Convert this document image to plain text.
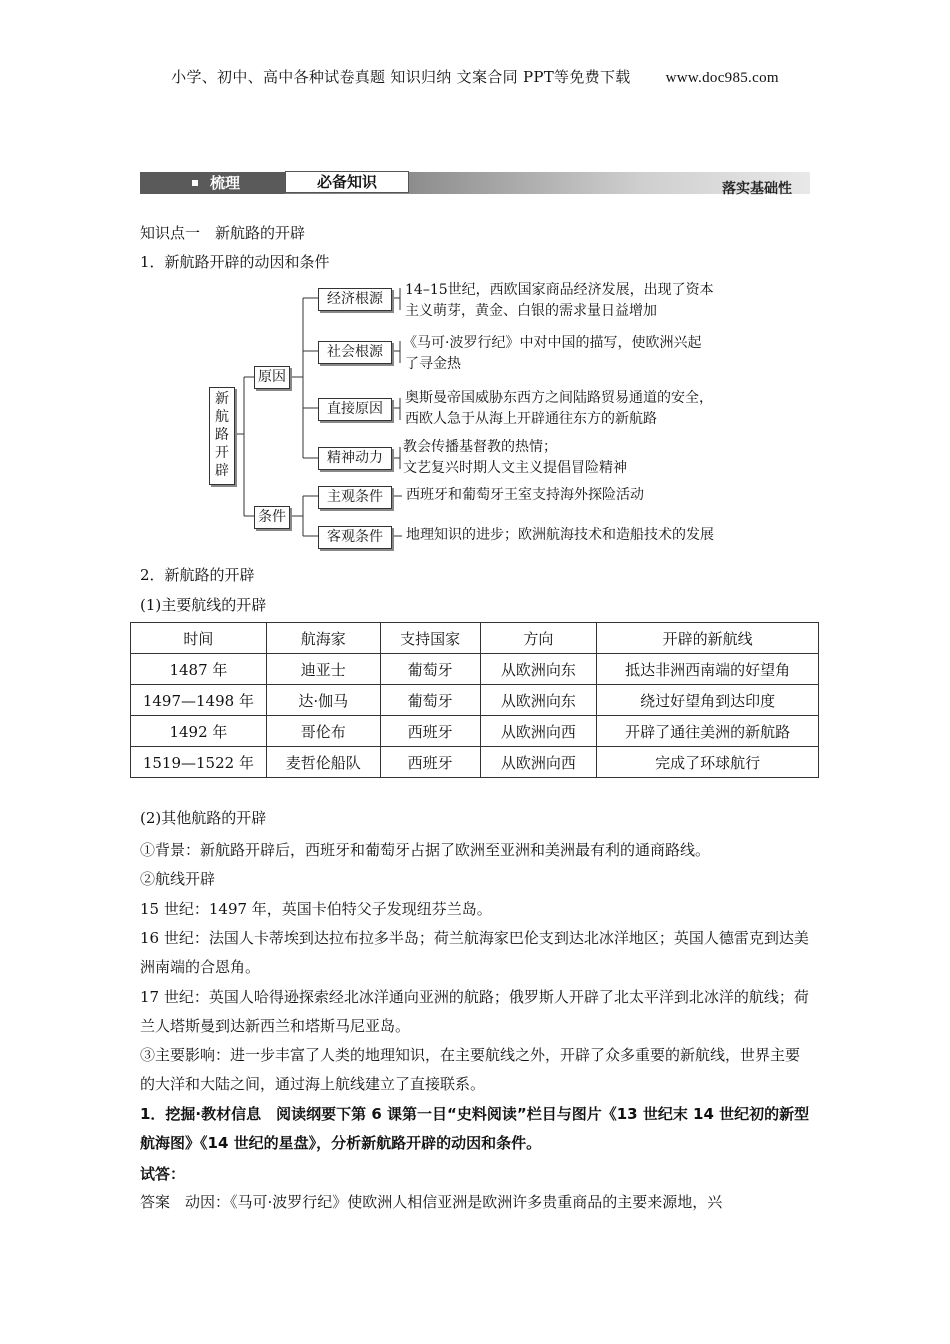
小学、初中、高中各种试卷真题 知识归纳 文案合同 PPT等免费下载 www.doc985.com
梳理	必备知识	落实基础性
知识点一　新航路的开辟
1．新航路开辟的动因和条件
新
航
路
开
辟
原因
条件
经济根源
社会根源
直接原因
精神动力
主观条件
客观条件
14–15世纪，西欧国家商品经济发展，出现了资本
主义萌芽，黄金、白银的需求量日益增加
《马可·波罗行纪》中对中国的描写，使欧洲兴起
了寻金热
奥斯曼帝国威胁东西方之间陆路贸易通道的安全，
西欧人急于从海上开辟通往东方的新航路
教会传播基督教的热情；
文艺复兴时期人文主义提倡冒险精神
西班牙和葡萄牙王室支持海外探险活动
地理知识的进步；欧洲航海技术和造船技术的发展
2．新航路的开辟
(1)主要航线的开辟
时间	航海家	支持国家	方向	开辟的新航线
1487 年	迪亚士	葡萄牙	从欧洲向东	抵达非洲西南端的好望角
1497—1498 年	达·伽马	葡萄牙	从欧洲向东	绕过好望角到达印度
1492 年	哥伦布	西班牙	从欧洲向西	开辟了通往美洲的新航路
1519—1522 年	麦哲伦船队	西班牙	从欧洲向西	完成了环球航行
(2)其他航路的开辟
①背景：新航路开辟后，西班牙和葡萄牙占据了欧洲至亚洲和美洲最有利的通商路线。
②航线开辟
15 世纪：1497 年，英国卡伯特父子发现纽芬兰岛。
16 世纪：法国人卡蒂埃到达拉布拉多半岛；荷兰航海家巴伦支到达北冰洋地区；英国人德雷克到达美洲南端的合恩角。
17 世纪：英国人哈得逊探索经北冰洋通向亚洲的航路；俄罗斯人开辟了北太平洋到北冰洋的航线；荷兰人塔斯曼到达新西兰和塔斯马尼亚岛。
③主要影响：进一步丰富了人类的地理知识，在主要航线之外，开辟了众多重要的新航线，世界主要的大洋和大陆之间，通过海上航线建立了直接联系。
1．挖掘·教材信息　阅读纲要下第 6 课第一目“史料阅读”栏目与图片《13 世纪末 14 世纪初的新型航海图》《14 世纪的星盘》，分析新航路开辟的动因和条件。
试答：
答案　动因：《马可·波罗行纪》使欧洲人相信亚洲是欧洲许多贵重商品的主要来源地，兴
